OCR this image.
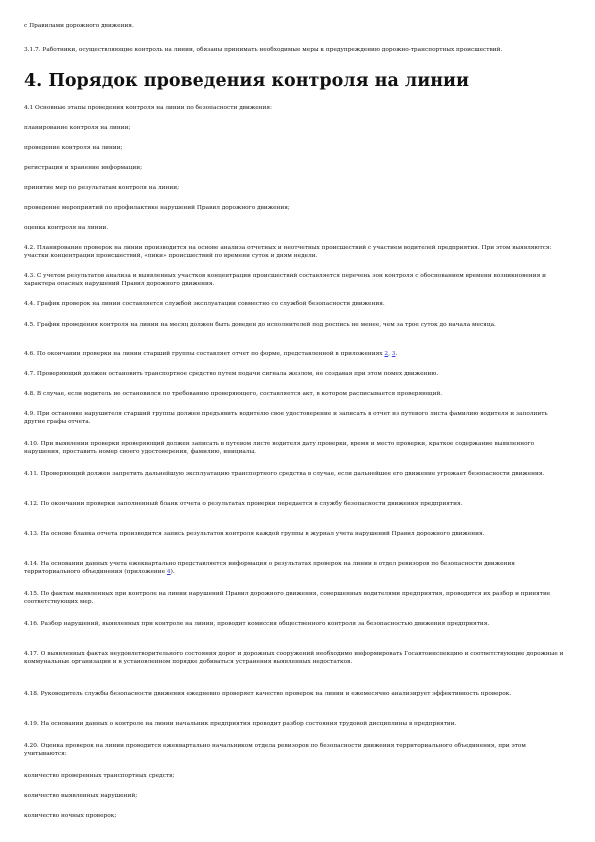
с Правилами дорожного движения.

3.1.7. Работники, осуществляющие контроль на линии, обязаны принимать необходимые меры к предупреждению дорожно-транспортных происшествий.

4. Порядок проведения контроля на линии

4.1 Основные этапы проведения контроля на линии по безопасности движения:

планирование контроля на линии;

проведение контроля на линии;

регистрация и хранение информации;

принятие мер по результатам контроля на линии;

проведение мероприятий по профилактике нарушений Правил дорожного движения;

оценка контроля на линии.

4.2. Планирование проверок на линии производится на основе анализа отчетных и неотчетных происшествий с участием водителей предприятия. При этом выявляются: участки концентрации происшествий, «пики» происшествий по времени суток и дням недели.

4.3. С учетом результатов анализа и выявленных участков концентрации происшествий составляется перечень зон контроля с обоснованием времени возникновения и характера опасных нарушений Правил дорожного движения.

4.4. График проверок на линии составляется службой эксплуатации совместно со службой безопасности движения.

4.5. График проведения контроля на линии на месяц должен быть доведен до исполнителей под роспись не менее, чем за трое суток до начала месяца.

4.6. По окончании проверки на линии старший группы составляет отчет по форме, представленной в приложениях 2, 3.

4.7. Проверяющий должен остановить транспортное средство путем подачи сигнала жезлом, не создавая при этом помех движению.

4.8. В случае, если водитель не остановился по требованию проверяющего, составляется акт, в котором расписывается проверяющий.

4.9. При остановке нарушителя старший группы должен предъявить водителю свое удостоверение и записать в отчет из путевого листа фамилию водителя и заполнить другие графы отчета.

4.10. При выявлении проверки проверяющий должен записать в путевом листе водителя дату проверки, время и место проверки, краткое содержание выявленного нарушения, проставить номер своего удостоверения, фамилию, инициалы.

4.11. Проверяющий должен запретить дальнейшую эксплуатацию транспортного средства в случае, если дальнейшее его движение угрожает безопасности движения.

4.12. По окончании проверки заполненный бланк отчета о результатах проверки передается в службу безопасности движения предприятия.

4.13. На основе бланка отчета производится запись результатов контроля каждой группы в журнал учета нарушений Правил дорожного движения.

4.14. На основании данных учета ежеквартально представляется информация о результатах проверок на линии в отдел ревизоров по безопасности движения территориального объединения (приложение 4).

4.15. По фактам выявленных при контроле на линии нарушений Правил дорожного движения, совершенных водителями предприятия, проводится их разбор и принятие соответствующих мер.

4.16. Разбор нарушений, выявленных при контроле на линии, проводит комиссия общественного контроля за безопасностью движения предприятия.

4.17. О выявленных фактах неудовлетворительного состояния дорог и дорожных сооружений необходимо информировать Госавтоинспекцию и соответствующие дорожные и коммунальные организации и в установленном порядке добиваться устранения выявленных недостатков.

4.18. Руководитель службы безопасности движения ежедневно проверяет качество проверок на линии и ежемесячно анализирует эффективность проверок.

4.19. На основании данных о контроле на линии начальник предприятия проводит разбор состояния трудовой дисциплины в предприятии.

4.20. Оценка проверок на линии проводится ежеквартально начальником отдела ревизоров по безопасности движения территориального объединения, при этом учитываются:

количество проверенных транспортных средств;

количество выявленных нарушений;

количество ночных проверок;
